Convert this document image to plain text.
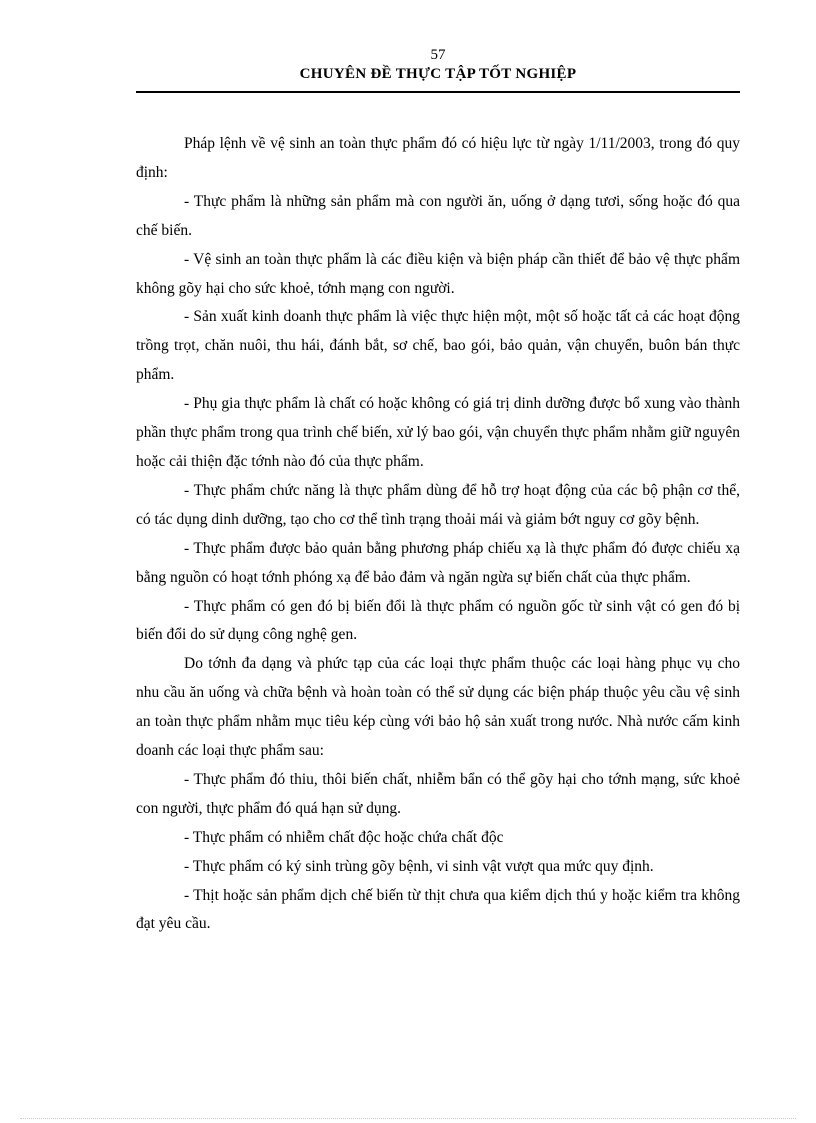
57
CHUYÊN ĐỀ THỰC TẬP TỐT NGHIỆP

Pháp lệnh về vệ sinh an toàn thực phẩm đó có hiệu lực từ ngày 1/11/2003, trong đó quy định:

- Thực phẩm là những sản phẩm mà con người ăn, uống ở dạng tươi, sống hoặc đó qua chế biến.

- Vệ sinh an toàn thực phẩm là các điều kiện và biện pháp cần thiết để bảo vệ thực phẩm không gõy hại cho sức khoẻ, tớnh mạng con người.

- Sản xuất kinh doanh thực phẩm là việc thực hiện một, một số hoặc tất cả các hoạt động trồng trọt, chăn nuôi, thu hái, đánh bắt, sơ chế, bao gói, bảo quản, vận chuyển, buôn bán thực phẩm.

- Phụ gia thực phẩm là chất có hoặc không có giá trị dinh dưỡng được bổ xung vào thành phần thực phẩm trong qua trình chế biến, xử lý bao gói, vận chuyển thực phẩm nhằm giữ nguyên hoặc cải thiện đặc tớnh nào đó của thực phẩm.

- Thực phẩm chức năng là thực phẩm dùng để hỗ trợ hoạt động của các bộ phận cơ thể, có tác dụng dinh dưỡng, tạo cho cơ thể tình trạng thoải mái và giảm bớt nguy cơ gõy bệnh.

- Thực phẩm được bảo quản bằng phương pháp chiếu xạ là thực phẩm đó được chiếu xạ bằng nguồn có hoạt tớnh phóng xạ để bảo đảm và ngăn ngừa sự biến chất của thực phẩm.

- Thực phẩm có gen đó bị biến đổi là thực phẩm có nguồn gốc từ sinh vật có gen đó bị biến đổi do sử dụng công nghệ gen.

Do tớnh đa dạng và phức tạp của các loại thực phẩm thuộc các loại hàng phục vụ cho nhu cầu ăn uống và chữa bệnh và hoàn toàn có thể sử dụng các biện pháp thuộc yêu cầu vệ sinh an toàn thực phẩm nhằm mục tiêu kép cùng với bảo hộ sản xuất trong nước. Nhà nước cấm kinh doanh các loại thực phẩm sau:

- Thực phẩm đó thiu, thôi biến chất, nhiễm bẩn có thể gõy hại cho tớnh mạng, sức khoẻ con người, thực phẩm đó quá hạn sử dụng.

- Thực phẩm có nhiễm chất độc hoặc chứa chất độc

- Thực phẩm có ký sinh trùng gõy bệnh, vi sinh vật vượt qua mức quy định.

- Thịt hoặc sản phẩm dịch chế biến từ thịt chưa qua kiểm dịch thú y hoặc kiểm tra không đạt yêu cầu.
